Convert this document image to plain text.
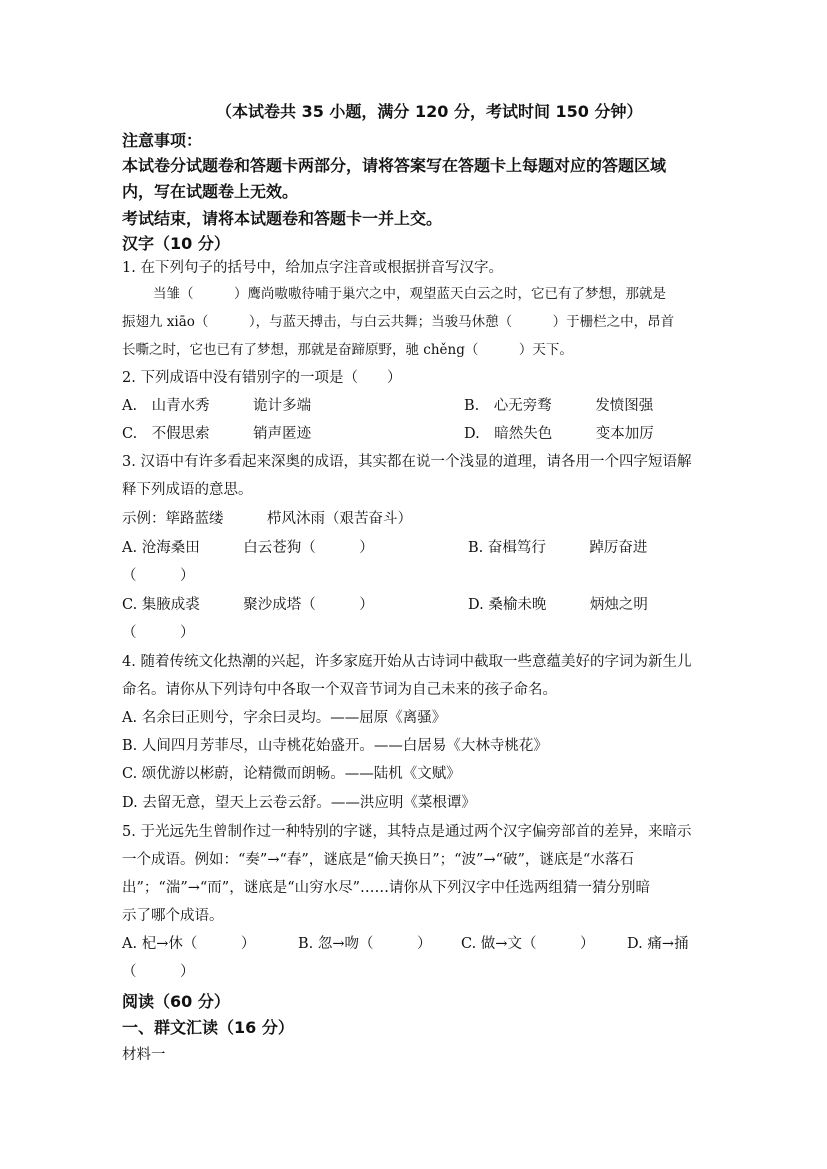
（本试卷共 35 小题，满分 120 分，考试时间 150 分钟）
注意事项：
本试卷分试题卷和答题卡两部分，请将答案写在答题卡上每题对应的答题区域
内，写在试题卷上无效。
考试结束，请将本试题卷和答题卡一并上交。
汉字（10 分）
1. 在下列句子的括号中，给加点字注音或根据拼音写汉字。
当雏（　　　）鹰尚嗷嗷待哺于巢穴之中，观望蓝天白云之时，它已有了梦想，那就是
振翅九 xiāo（　　　），与蓝天搏击，与白云共舞；当骏马休憩（　　　）于栅栏之中，昂首
长嘶之时，它也已有了梦想，那就是奋蹄原野，驰 chěng（　　　）天下。
2. 下列成语中没有错别字的一项是（　　）
A.　山青水秀　　　诡计多端	B.　心无旁骛　　　发愤图强
C.　不假思索　　　销声匿迹	D.　暗然失色　　　变本加厉
3. 汉语中有许多看起来深奥的成语，其实都在说一个浅显的道理，请各用一个四字短语解
释下列成语的意思。
示例：筚路蓝缕　　　栉风沐雨（艰苦奋斗）
A. 沧海桑田　　　白云苍狗（　　　）	B. 奋楫笃行　　　踔厉奋进
（　　　）
C. 集腋成裘　　　聚沙成塔（　　　）	D. 桑榆未晚　　　炳烛之明
（　　　）
4. 随着传统文化热潮的兴起，许多家庭开始从古诗词中截取一些意蕴美好的字词为新生儿
命名。请你从下列诗句中各取一个双音节词为自己未来的孩子命名。
A. 名余曰正则兮，字余曰灵均。——屈原《离骚》
B. 人间四月芳菲尽，山寺桃花始盛开。——白居易《大林寺桃花》
C. 颂优游以彬蔚，论精微而朗畅。——陆机《文赋》
D. 去留无意，望天上云卷云舒。——洪应明《菜根谭》
5. 于光远先生曾制作过一种特别的字谜，其特点是通过两个汉字偏旁部首的差异，来暗示
一个成语。例如：“奏”→“春”，谜底是“偷天换日”；“波”→“破”，谜底是“水落石
出”；“湍”→“而”，谜底是“山穷水尽”……请你从下列汉字中任选两组猜一猜分别暗
示了哪个成语。
A. 杞→休（　　　）	B. 忽→吻（　　　） C. 做→文（　　　） D. 痛→捅
（　　　）
阅读（60 分）
一、群文汇读（16 分）
材料一
